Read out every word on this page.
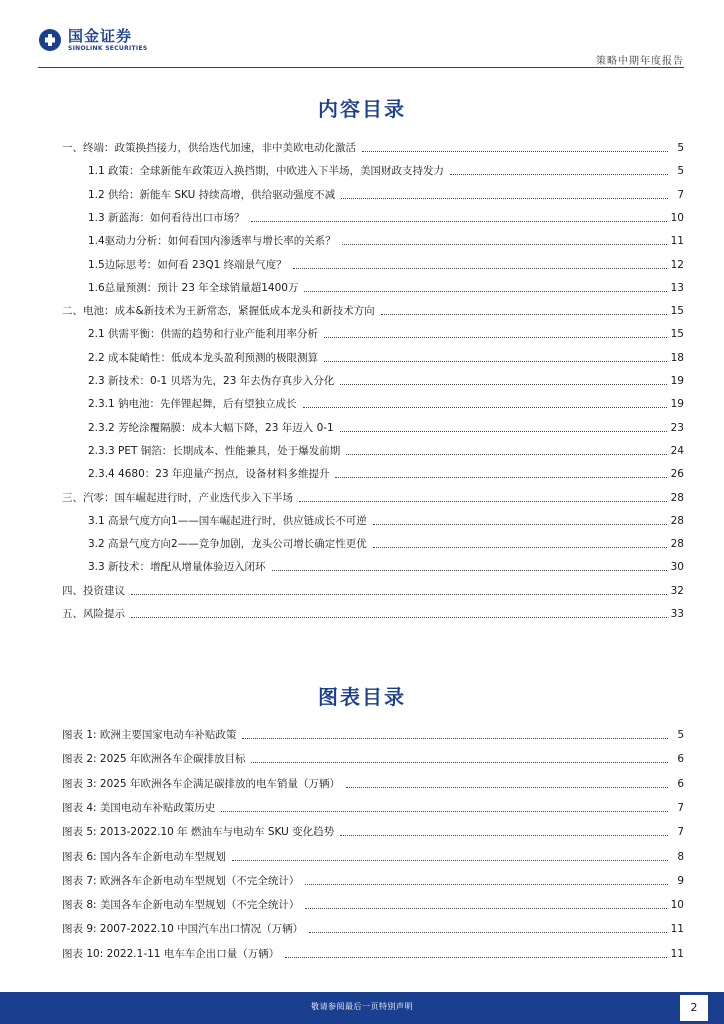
国金证券
SINOLINK SECURITIES
策略中期年度报告
内容目录
一、终端：政策换挡接力，供给迭代加速，非中美欧电动化激活	5
1.1 政策：全球新能车政策迈入换挡期，中欧进入下半场，美国财政支持发力	5
1.2 供给：新能车 SKU 持续高增，供给驱动强度不减	7
1.3 新蓝海：如何看待出口市场？	10
1.4驱动力分析：如何看国内渗透率与增长率的关系？	11
1.5边际思考：如何看 23Q1 终端景气度？	12
1.6总量预测：预计 23 年全球销量超1400万	13
二、电池：成本&新技术为王新常态，紧握低成本龙头和新技术方向	15
2.1 供需平衡：供需的趋势和行业产能利用率分析	15
2.2 成本陡峭性：低成本龙头盈利预测的极限测算	18
2.3 新技术：0-1 贝塔为先，23 年去伪存真步入分化	19
2.3.1 钠电池：先伴锂起舞，后有望独立成长	19
2.3.2 芳纶涂覆隔膜：成本大幅下降，23 年迈入 0-1	23
2.3.3 PET 铜箔：长期成本、性能兼具，处于爆发前期	24
2.3.4 4680：23 年迎量产拐点，设备材料多维提升	26
三、汽零：国车崛起进行时，产业迭代步入下半场	28
3.1 高景气度方向1——国车崛起进行时，供应链成长不可逆	28
3.2 高景气度方向2——竞争加剧，龙头公司增长确定性更优	28
3.3 新技术：增配从增量体验迈入闭环	30
四、投资建议	32
五、风险提示	33
图表目录
图表 1: 欧洲主要国家电动车补贴政策	5
图表 2: 2025 年欧洲各车企碳排放目标	6
图表 3: 2025 年欧洲各车企满足碳排放的电车销量（万辆）	6
图表 4: 美国电动车补贴政策历史	7
图表 5: 2013-2022.10 年 燃油车与电动车 SKU 变化趋势	7
图表 6: 国内各车企新电动车型规划	8
图表 7: 欧洲各车企新电动车型规划（不完全统计）	9
图表 8: 美国各车企新电动车型规划（不完全统计）	10
图表 9: 2007-2022.10 中国汽车出口情况（万辆）	11
图表 10: 2022.1-11 电车车企出口量（万辆）	11
敬请参阅最后一页特别声明	2
